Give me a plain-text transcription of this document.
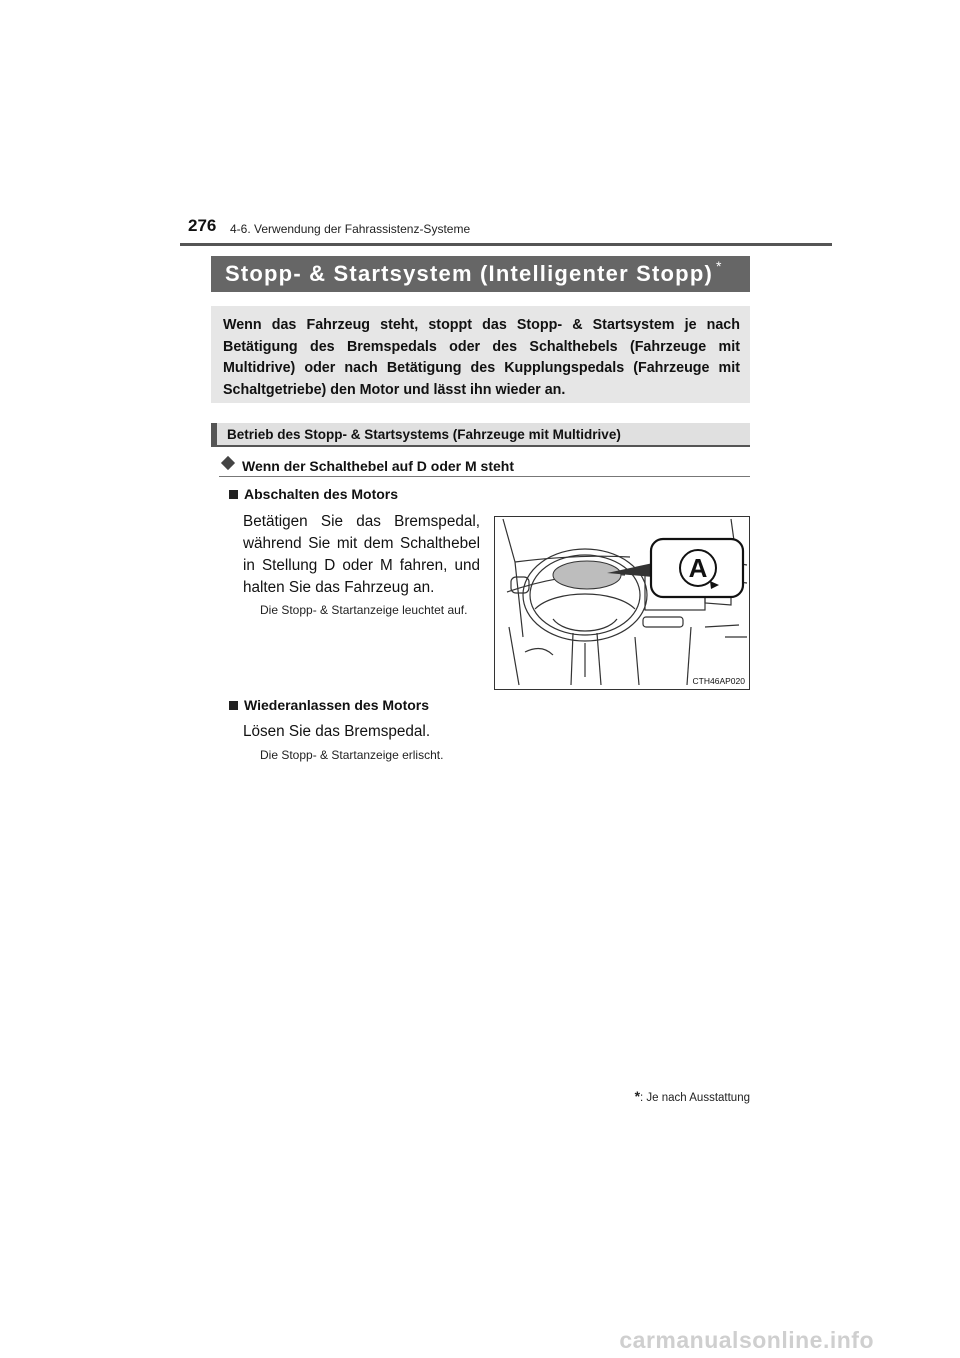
276 4-6. Verwendung der Fahrassistenz-Systeme
Stopp- & Startsystem (Intelligenter Stopp) *
Wenn das Fahrzeug steht, stoppt das Stopp- & Startsystem je nach Betätigung des Bremspedals oder des Schalthebels (Fahrzeuge mit Multidrive) oder nach Betätigung des Kupplungspedals (Fahrzeuge mit Schaltgetriebe) den Motor und lässt ihn wieder an.
Betrieb des Stopp- & Startsystems (Fahrzeuge mit Multidrive)
Wenn der Schalthebel auf D oder M steht
Abschalten des Motors
Betätigen Sie das Bremspedal, während Sie mit dem Schalthebel in Stellung D oder M fahren, und halten Sie das Fahrzeug an.
Die Stopp- & Startanzeige leuchtet auf.
A
CTH46AP020
Wiederanlassen des Motors
Lösen Sie das Bremspedal.
Die Stopp- & Startanzeige erlischt.
*: Je nach Ausstattung
carmanualsonline.info
